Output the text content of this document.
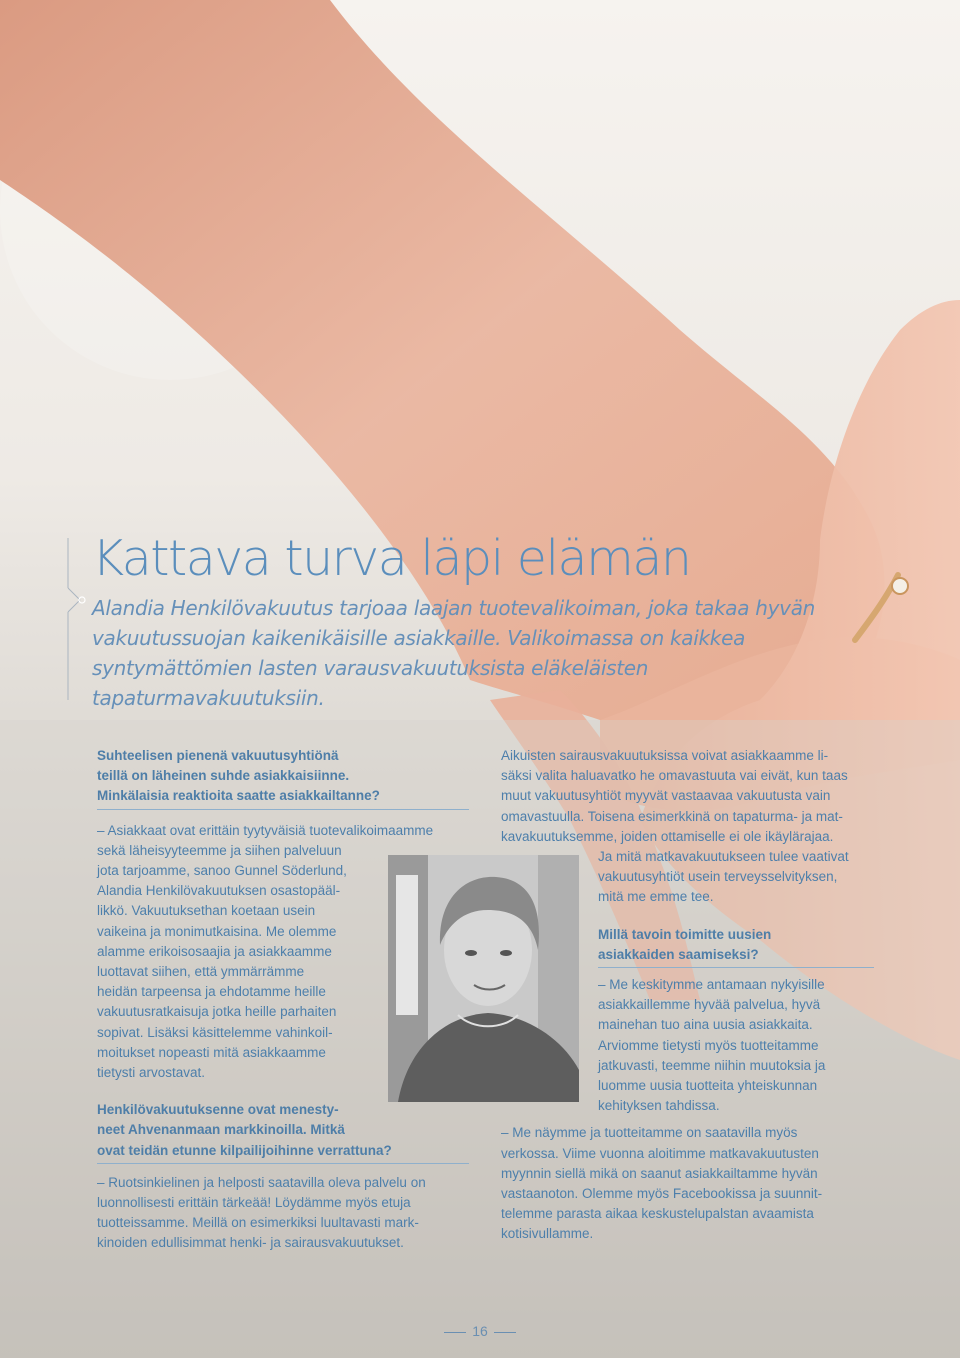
Kattava turva läpi elämän

Alandia Henkilövakuutus tarjoaa laajan tuotevalikoiman, joka takaa hyvän vakuutussuojan kaikenikäisille asiakkaille. Valikoimassa on kaikkea syntymättömien lasten varausvakuutuksista eläkeläisten tapaturmavakuutuksiin.

Suhteelisen pienenä vakuutusyhtiönä
teillä on läheinen suhde asiakkaisiinne.
Minkälaisia reaktioita saatte asiakkailtanne?

– Asiakkaat ovat erittäin tyytyväisiä tuotevalikoimaamme
sekä läheisyyteemme ja siihen palveluun
jota tarjoamme, sanoo Gunnel Söderlund,
Alandia Henkilövakuutuksen osastopääl-
likkö. Vakuutuksethan koetaan usein
vaikeina ja monimutkaisina. Me olemme
alamme erikoisosaajia ja asiakkaamme
luottavat siihen, että ymmärrämme
heidän tarpeensa ja ehdotamme heille
vakuutusratkaisuja jotka heille parhaiten
sopivat. Lisäksi käsittelemme vahinkoil-
moitukset nopeasti mitä asiakkaamme
tietysti arvostavat.

Henkilövakuutuksenne ovat menesty-
neet Ahvenanmaan markkinoilla. Mitkä
ovat teidän etunne kilpailijoihinne verrattuna?

– Ruotsinkielinen ja helposti saatavilla oleva palvelu on
luonnollisesti erittäin tärkeää! Löydämme myös etuja
tuotteissamme. Meillä on esimerkiksi luultavasti mark-
kinoiden edullisimmat henki- ja sairausvakuutukset.

Aikuisten sairausvakuutuksissa voivat asiakkaamme li-
säksi valita haluavatko he omavastuuta vai eivät, kun taas
muut vakuutusyhtiöt myyvät vastaavaa vakuutusta vain
omavastuulla. Toisena esimerkkinä on tapaturma- ja mat-
kavakuutuksemme, joiden ottamiselle ei ole ikäylärajaa.

Ja mitä matkavakuutukseen tulee vaativat
vakuutusyhtiöt usein terveysselvityksen,
mitä me emme tee.

Millä tavoin toimitte uusien
asiakkaiden saamiseksi?

– Me keskitymme antamaan nykyisille
asiakkaillemme hyvää palvelua, hyvä
mainehan tuo aina uusia asiakkaita.
Arviomme tietysti myös tuotteitamme
jatkuvasti, teemme niihin muutoksia ja
luomme uusia tuotteita yhteiskunnan
kehityksen tahdissa.

– Me näymme ja tuotteitamme on saatavilla myös
verkossa. Viime vuonna aloitimme matkavakuutusten
myynnin siellä mikä on saanut asiakkailtamme hyvän
vastaanoton. Olemme myös Facebookissa ja suunnit-
telemme parasta aikaa keskustelupalstan avaamista
kotisivullamme.

16
